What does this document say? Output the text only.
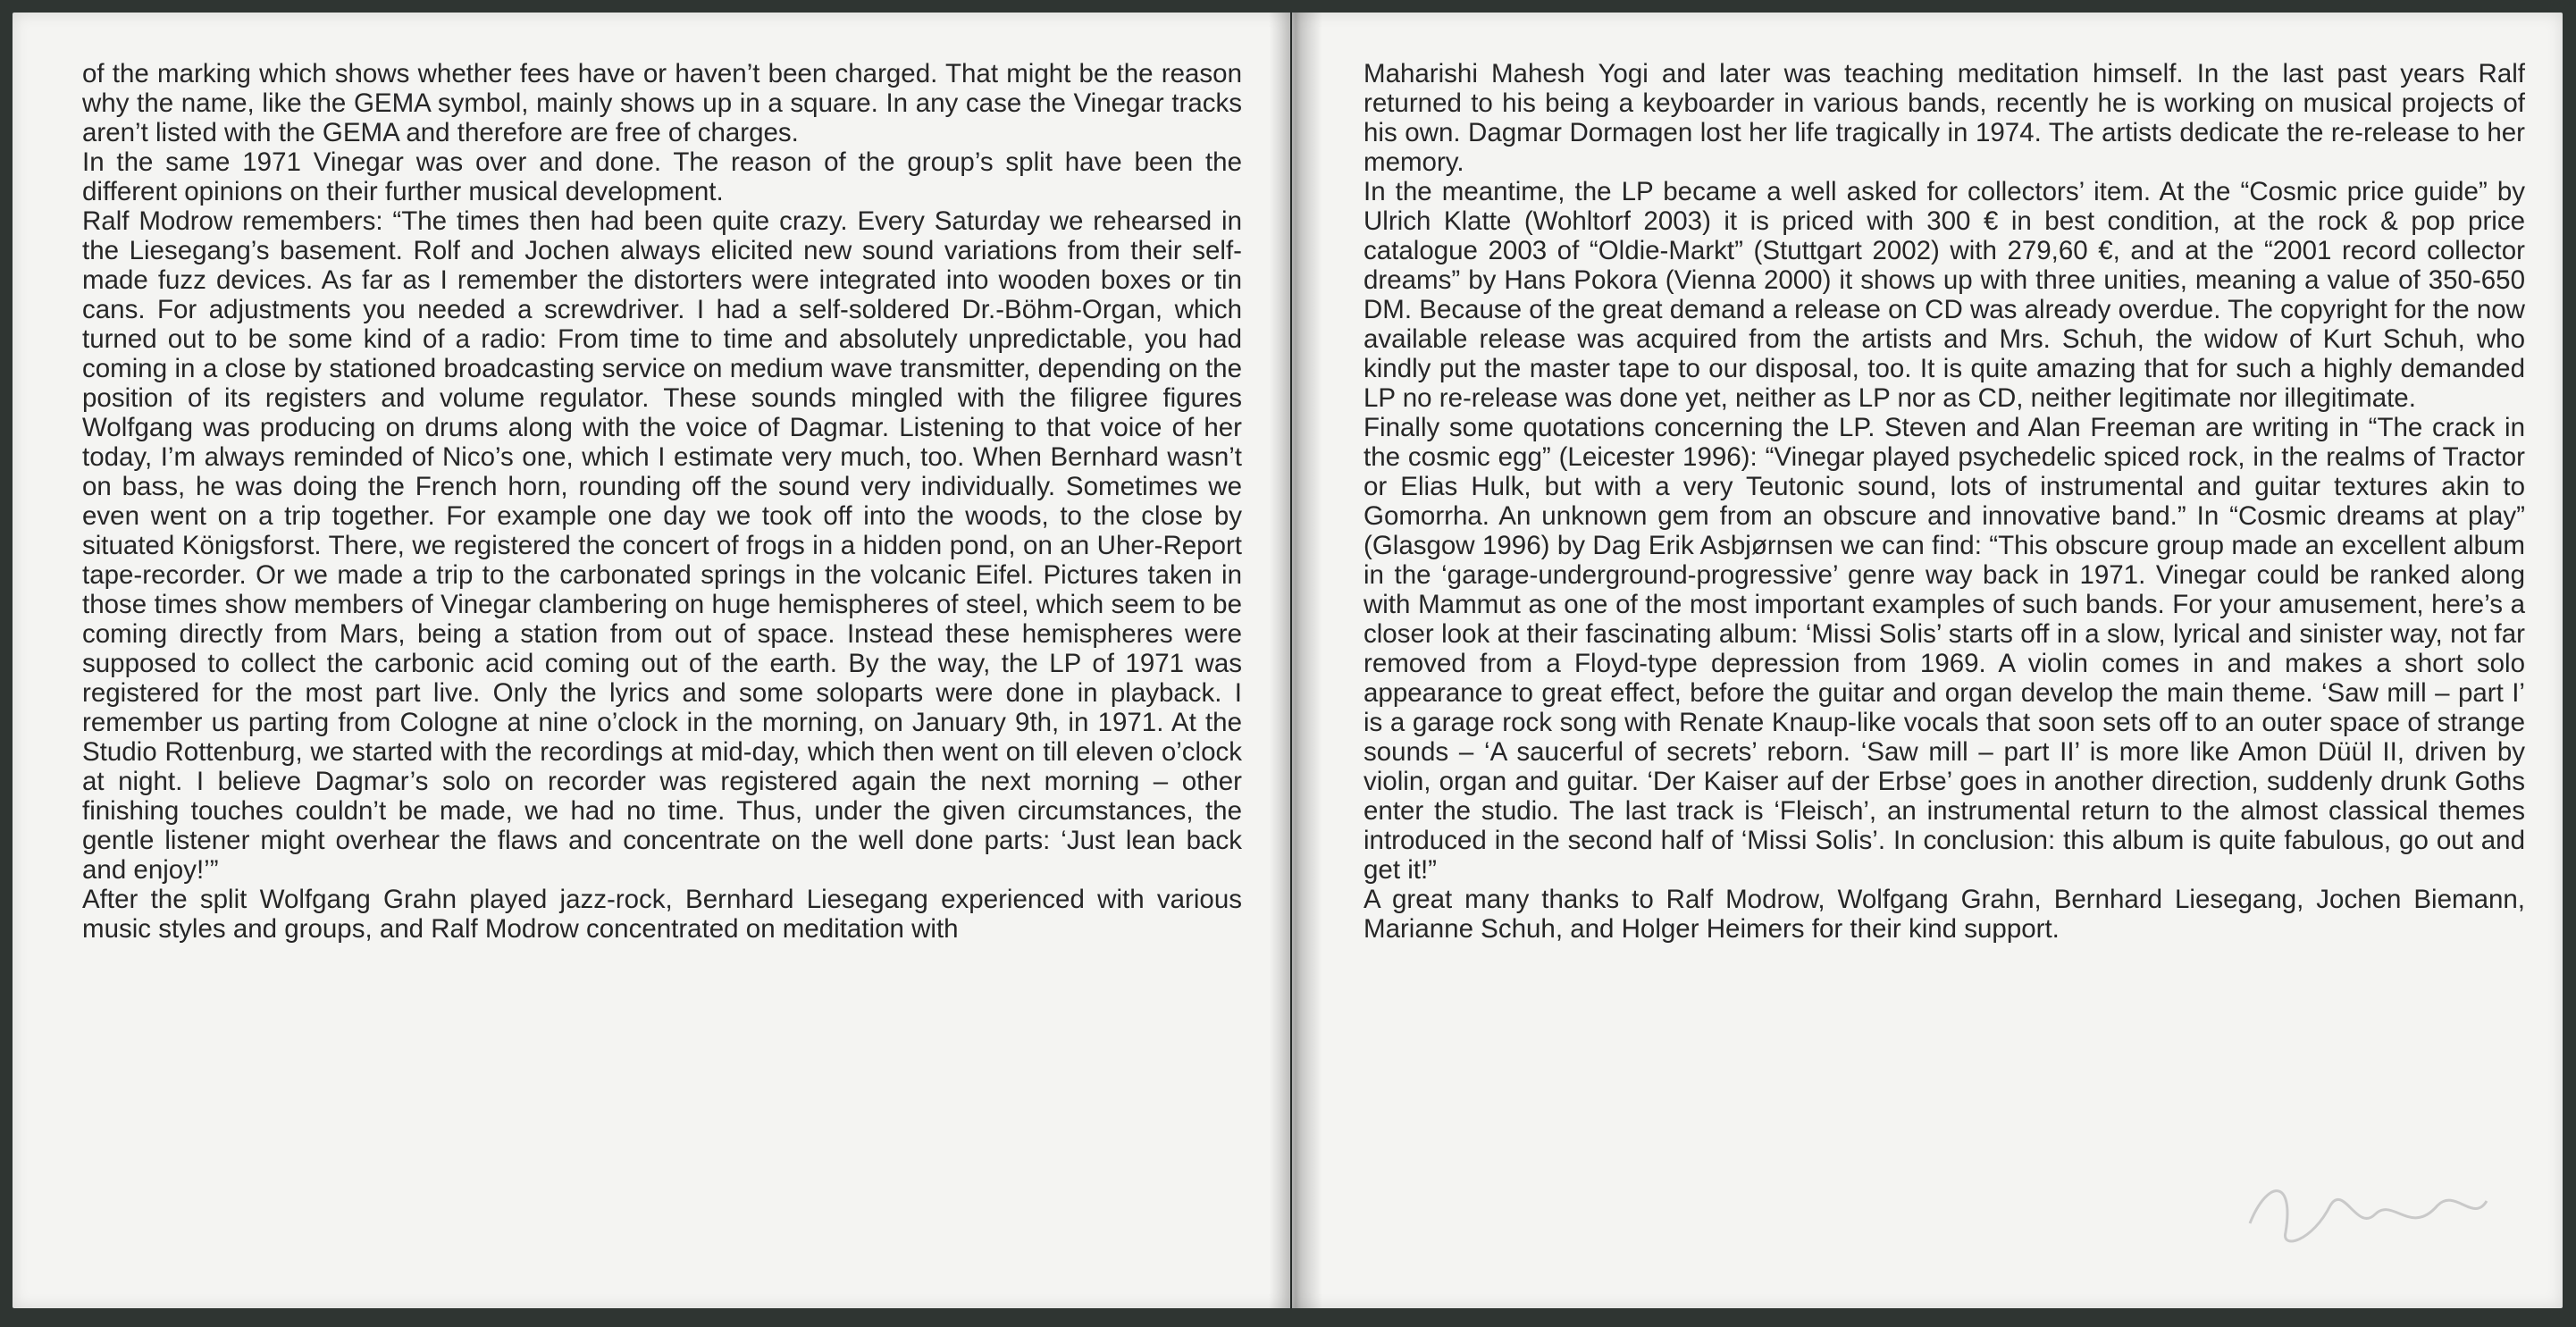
of the marking which shows whether fees have or haven’t been charged. That might be the reason why the name, like the GEMA symbol, mainly shows up in a square. In any case the Vinegar tracks aren’t listed with the GEMA and therefore are free of charges.

In the same 1971 Vinegar was over and done. The reason of the group’s split have been the different opinions on their further musical development.

Ralf Modrow remembers: “The times then had been quite crazy. Every Saturday we rehearsed in the Liesegang’s basement. Rolf and Jochen always elicited new sound variations from their self-made fuzz devices. As far as I remember the distorters were integrated into wooden boxes or tin cans. For adjustments you needed a screwdriver. I had a self-soldered Dr.-Böhm-Organ, which turned out to be some kind of a radio: From time to time and absolutely unpredictable, you had coming in a close by stationed broadcasting service on medium wave transmitter, depending on the position of its registers and volume regulator. These sounds mingled with the filigree figures Wolfgang was producing on drums along with the voice of Dagmar. Listening to that voice of her today, I’m always reminded of Nico’s one, which I estimate very much, too. When Bernhard wasn’t on bass, he was doing the French horn, rounding off the sound very individually. Sometimes we even went on a trip together. For example one day we took off into the woods, to the close by situated Königsforst. There, we registered the concert of frogs in a hidden pond, on an Uher-Report tape-recorder. Or we made a trip to the carbonated springs in the volcanic Eifel. Pictures taken in those times show members of Vinegar clambering on huge hemispheres of steel, which seem to be coming directly from Mars, being a station from out of space. Instead these hemispheres were supposed to collect the carbonic acid coming out of the earth. By the way, the LP of 1971 was registered for the most part live. Only the lyrics and some soloparts were done in playback. I remember us parting from Cologne at nine o’clock in the morning, on January 9th, in 1971. At the Studio Rottenburg, we started with the recordings at mid-day, which then went on till eleven o’clock at night. I believe Dagmar’s solo on recorder was registered again the next morning – other finishing touches couldn’t be made, we had no time. Thus, under the given circumstances, the gentle listener might overhear the flaws and concentrate on the well done parts: ‘Just lean back and enjoy!’”

After the split Wolfgang Grahn played jazz-rock, Bernhard Liesegang experienced with various music styles and groups, and Ralf Modrow concentrated on meditation with

Maharishi Mahesh Yogi and later was teaching meditation himself. In the last past years Ralf returned to his being a keyboarder in various bands, recently he is working on musical projects of his own. Dagmar Dormagen lost her life tragically in 1974. The artists dedicate the re-release to her memory.

In the meantime, the LP became a well asked for collectors’ item. At the “Cosmic price guide” by Ulrich Klatte (Wohltorf 2003) it is priced with 300 € in best condition, at the rock & pop price catalogue 2003 of “Oldie-Markt” (Stuttgart 2002) with 279,60 €, and at the “2001 record collector dreams” by Hans Pokora (Vienna 2000) it shows up with three unities, meaning a value of 350-650 DM. Because of the great demand a release on CD was already overdue. The copyright for the now available release was acquired from the artists and Mrs. Schuh, the widow of Kurt Schuh, who kindly put the master tape to our disposal, too. It is quite amazing that for such a highly demanded LP no re-release was done yet, neither as LP nor as CD, neither legitimate nor illegitimate.

Finally some quotations concerning the LP. Steven and Alan Freeman are writing in “The crack in the cosmic egg” (Leicester 1996): “Vinegar played psychedelic spiced rock, in the realms of Tractor or Elias Hulk, but with a very Teutonic sound, lots of instrumental and guitar textures akin to Gomorrha. An unknown gem from an obscure and innovative band.” In “Cosmic dreams at play” (Glasgow 1996) by Dag Erik Asbjørnsen we can find: “This obscure group made an excellent album in the ‘garage-underground-progressive’ genre way back in 1971. Vinegar could be ranked along with Mammut as one of the most important examples of such bands. For your amusement, here’s a closer look at their fascinating album: ‘Missi Solis’ starts off in a slow, lyrical and sinister way, not far removed from a Floyd-type depression from 1969. A violin comes in and makes a short solo appearance to great effect, before the guitar and organ develop the main theme. ‘Saw mill – part I’ is a garage rock song with Renate Knaup-like vocals that soon sets off to an outer space of strange sounds – ‘A saucerful of secrets’ reborn. ‘Saw mill – part II’ is more like Amon Düül II, driven by violin, organ and guitar. ‘Der Kaiser auf der Erbse’ goes in another direction, suddenly drunk Goths enter the studio. The last track is ‘Fleisch’, an instrumental return to the almost classical themes introduced in the second half of ‘Missi Solis’. In conclusion: this album is quite fabulous, go out and get it!”

A great many thanks to Ralf Modrow, Wolfgang Grahn, Bernhard Liesegang, Jochen Biemann, Marianne Schuh, and Holger Heimers for their kind support.
